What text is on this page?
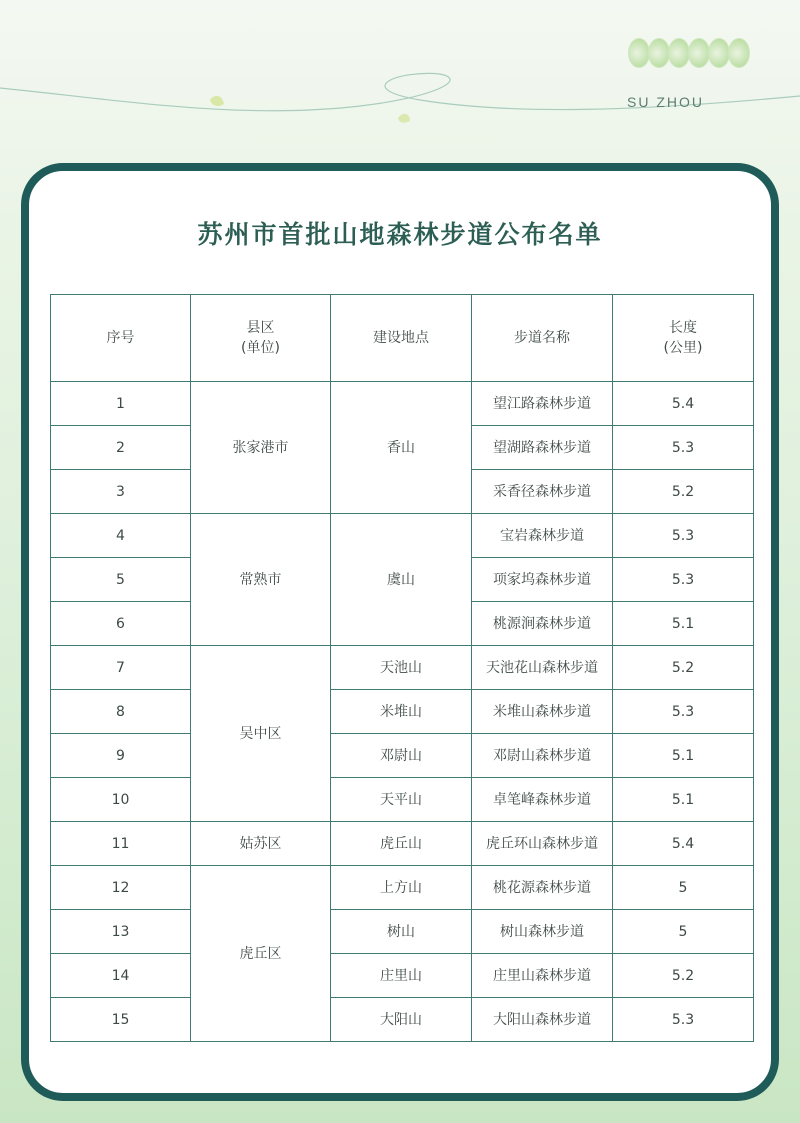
SU ZHOU
苏州市首批山地森林步道公布名单
序号	县区
(单位)	建设地点	步道名称	长度
(公里)
1	张家港市	香山	望江路森林步道	5.4
2			望湖路森林步道	5.3
3			采香径森林步道	5.2
4	常熟市	虞山	宝岩森林步道	5.3
5			项家坞森林步道	5.3
6			桃源涧森林步道	5.1
7	吴中区	天池山	天池花山森林步道	5.2
8		米堆山	米堆山森林步道	5.3
9		邓尉山	邓尉山森林步道	5.1
10		天平山	卓笔峰森林步道	5.1
11	姑苏区	虎丘山	虎丘环山森林步道	5.4
12	虎丘区	上方山	桃花源森林步道	5
13		树山	树山森林步道	5
14		庄里山	庄里山森林步道	5.2
15		大阳山	大阳山森林步道	5.3
